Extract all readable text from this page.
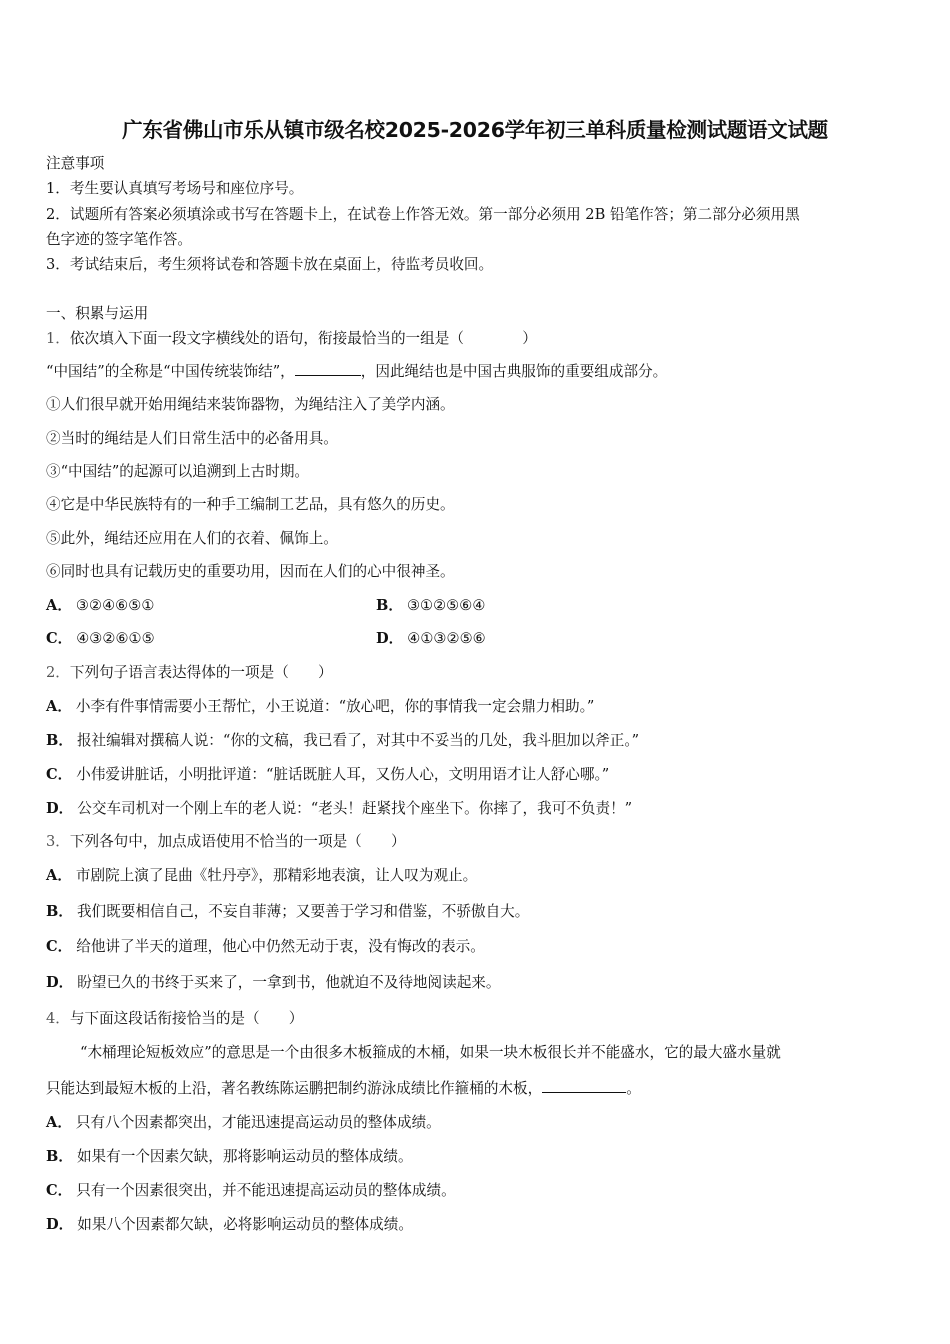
广东省佛山市乐从镇市级名校2025-2026学年初三单科质量检测试题语文试题
注意事项
1．考生要认真填写考场号和座位序号。
2．试题所有答案必须填涂或书写在答题卡上，在试卷上作答无效。第一部分必须用 2B 铅笔作答；第二部分必须用黑
色字迹的签字笔作答。
3．考试结束后，考生须将试卷和答题卡放在桌面上，待监考员收回。
一、积累与运用
1．依次填入下面一段文字横线处的语句，衔接最恰当的一组是（　　　　）
“中国结”的全称是“中国传统装饰结”，	，因此绳结也是中国古典服饰的重要组成部分。
①人们很早就开始用绳结来装饰器物，为绳结注入了美学内涵。
②当时的绳结是人们日常生活中的必备用具。
③“中国结”的起源可以追溯到上古时期。
④它是中华民族特有的一种手工编制工艺品，具有悠久的历史。
⑤此外，绳结还应用在人们的衣着、佩饰上。
⑥同时也具有记载历史的重要功用，因而在人们的心中很神圣。
A． ③②④⑥⑤①	B． ③①②⑤⑥④
C． ④③②⑥①⑤	D． ④①③②⑤⑥
2．下列句子语言表达得体的一项是（　　）
A． 小李有件事情需要小王帮忙，小王说道：“放心吧，你的事情我一定会鼎力相助。”
B． 报社编辑对撰稿人说：“你的文稿，我已看了，对其中不妥当的几处，我斗胆加以斧正。”
C． 小伟爱讲脏话，小明批评道：“脏话既脏人耳，又伤人心，文明用语才让人舒心哪。”
D． 公交车司机对一个刚上车的老人说：“老头！赶紧找个座坐下。你摔了，我可不负责！”
3．下列各句中，加点成语使用不恰当的一项是（　　）
A． 市剧院上演了昆曲《牡丹亭》，那精彩地表演，让人叹为观止。
B． 我们既要相信自己，不妄自菲薄；又要善于学习和借鉴，不骄傲自大。
C． 给他讲了半天的道理，他心中仍然无动于衷，没有悔改的表示。
D． 盼望已久的书终于买来了，一拿到书，他就迫不及待地阅读起来。
4．与下面这段话衔接恰当的是（　　）
“木桶理论短板效应”的意思是一个由很多木板箍成的木桶，如果一块木板很长并不能盛水，它的最大盛水量就
只能达到最短木板的上沿，著名教练陈运鹏把制约游泳成绩比作箍桶的木板，	。
A． 只有八个因素都突出，才能迅速提高运动员的整体成绩。
B． 如果有一个因素欠缺，那将影响运动员的整体成绩。
C． 只有一个因素很突出，并不能迅速提高运动员的整体成绩。
D． 如果八个因素都欠缺，必将影响运动员的整体成绩。
